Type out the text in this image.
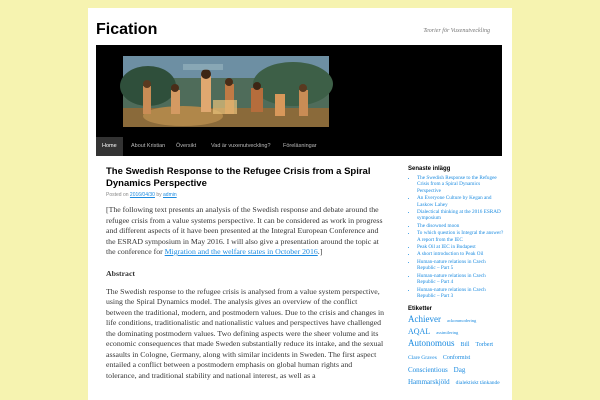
Fication	Teorier för Vuxenutveckling
Home	About Kristian	Översikt	Vad är vuxenutveckling?	Föreläsningar
The Swedish Response to the Refugee Crisis from a Spiral Dynamics Perspective
Posted on 2016/04/30 by admin

[The following text presents an analysis of the Swedish response and debate around the refugee crisis from a value systems perspective. It can be considered as work in progress and different aspects of it have been presented at the Integral European Conference and the ESRAD symposium in May 2016. I will also give a presentation around the topic at the conference for Migration and the welfare states in October 2016.]

Abstract

The Swedish response to the refugee crisis is analysed from a value system perspective, using the Spiral Dynamics model. The analysis gives an overview of the conflict between the traditional, modern, and postmodern values. Due to the crisis and changes in life conditions, traditionalistic and nationalistic values and perspectives have challenged the dominating postmodern values. Two defining aspects were the sheer volume and its economic consequences that made Sweden substantially reduce its intake, and the sexual assaults in Cologne, Germany, along with similar incidents in Sweden. The first aspect entailed a conflict between a postmodern emphasis on global human rights and tolerance, and traditional stability and national interest, as well as a

Senaste inlägg
• The Swedish Response to the Refugee Crisis from a Spiral Dynamics Perspective
• An Everyone Culture by Kegan and Laskow Lahey
• Dialectical thinking at the 2016 ESRAD symposium
• The disowned moon
• To which question is Integral the answer? A report from the IEC
• Peak Oil at IEC in Budapest
• A short introduction to Peak Oil
• Human-nature relations in Czech Republic – Part 5
• Human-nature relations in Czech Republic – Part 4
• Human-nature relations in Czech Republic – Part 3
Etiketter
Achiever ackommodering AQAL assimilering Autonomous Bill Torbert Clare Graves Conformist Conscientious Dag Hammarskjöld dialektiskt tänkande
